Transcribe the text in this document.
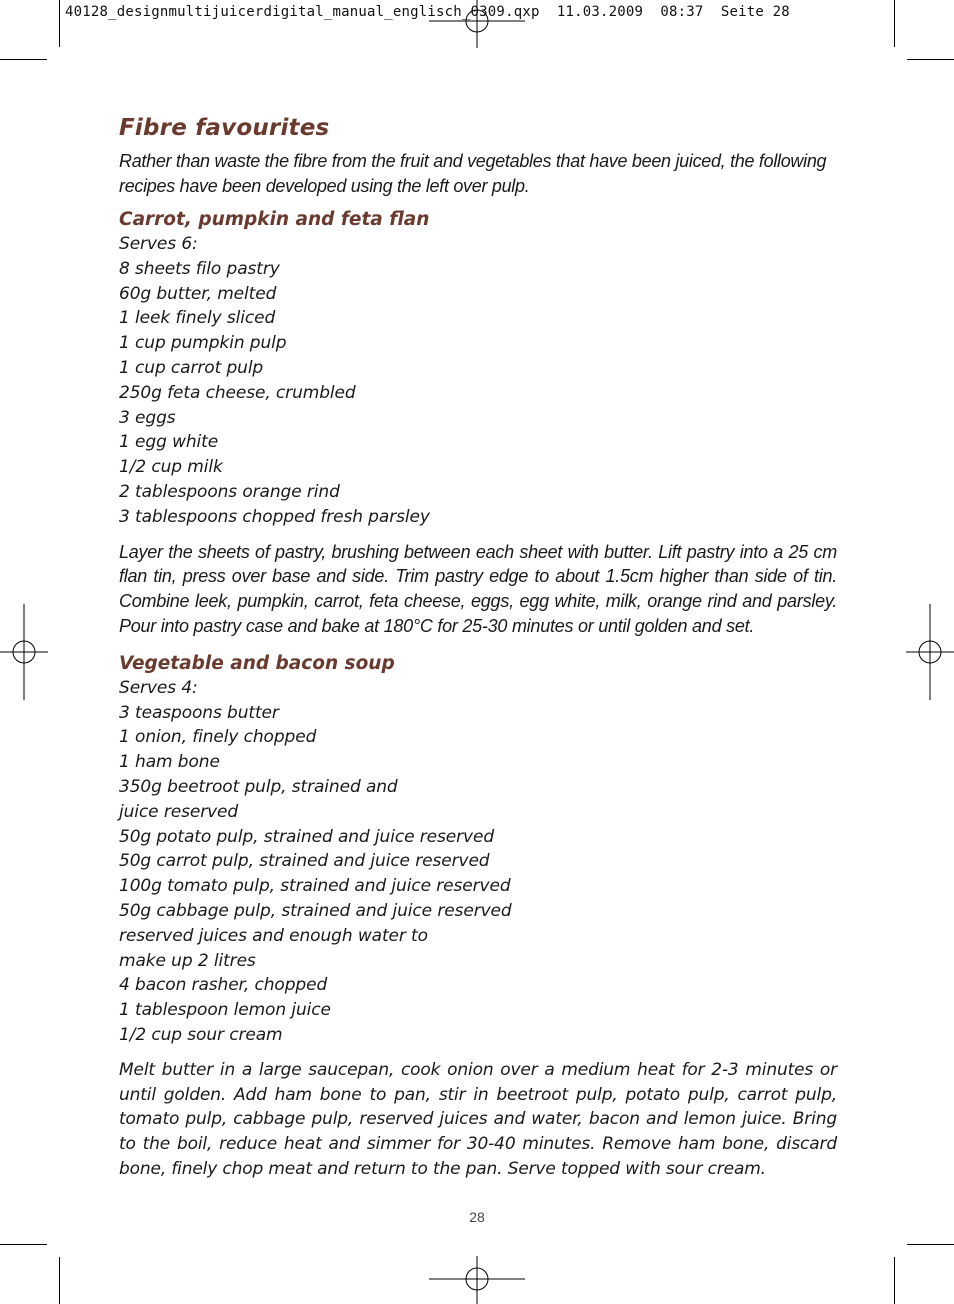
40128_designmultijuicerdigital_manual_englisch_0309.qxp 11.03.2009 08:37 Seite 28
Fibre favourites

Rather than waste the fibre from the fruit and vegetables that have been juiced, the following recipes have been developed using the left over pulp.

Carrot, pumpkin and feta flan

Serves 6:

8 sheets filo pastry
60g butter, melted
1 leek finely sliced
1 cup pumpkin pulp
1 cup carrot pulp
250g feta cheese, crumbled
3 eggs
1 egg white
1/2 cup milk
2 tablespoons orange rind
3 tablespoons chopped fresh parsley

Layer the sheets of pastry, brushing between each sheet with butter. Lift pastry into a 25 cm flan tin, press over base and side. Trim pastry edge to about 1.5cm higher than side of tin. Combine leek, pumpkin, carrot, feta cheese, eggs, egg white, milk, orange rind and parsley. Pour into pastry case and bake at 180°C for 25-30 minutes or until golden and set.

Vegetable and bacon soup

Serves 4:

3 teaspoons butter
1 onion, finely chopped
1 ham bone
350g beetroot pulp, strained and
juice reserved
50g potato pulp, strained and juice reserved
50g carrot pulp, strained and juice reserved
100g tomato pulp, strained and juice reserved
50g cabbage pulp, strained and juice reserved
reserved juices and enough water to
make up 2 litres
4 bacon rasher, chopped
1 tablespoon lemon juice
1/2 cup sour cream

Melt butter in a large saucepan, cook onion over a medium heat for 2-3 minutes or until golden. Add ham bone to pan, stir in beetroot pulp, potato pulp, carrot pulp, tomato pulp, cabbage pulp, reserved juices and water, bacon and lemon juice. Bring to the boil, reduce heat and simmer for 30-40 minutes. Remove ham bone, discard bone, finely chop meat and return to the pan. Serve topped with sour cream.

28
